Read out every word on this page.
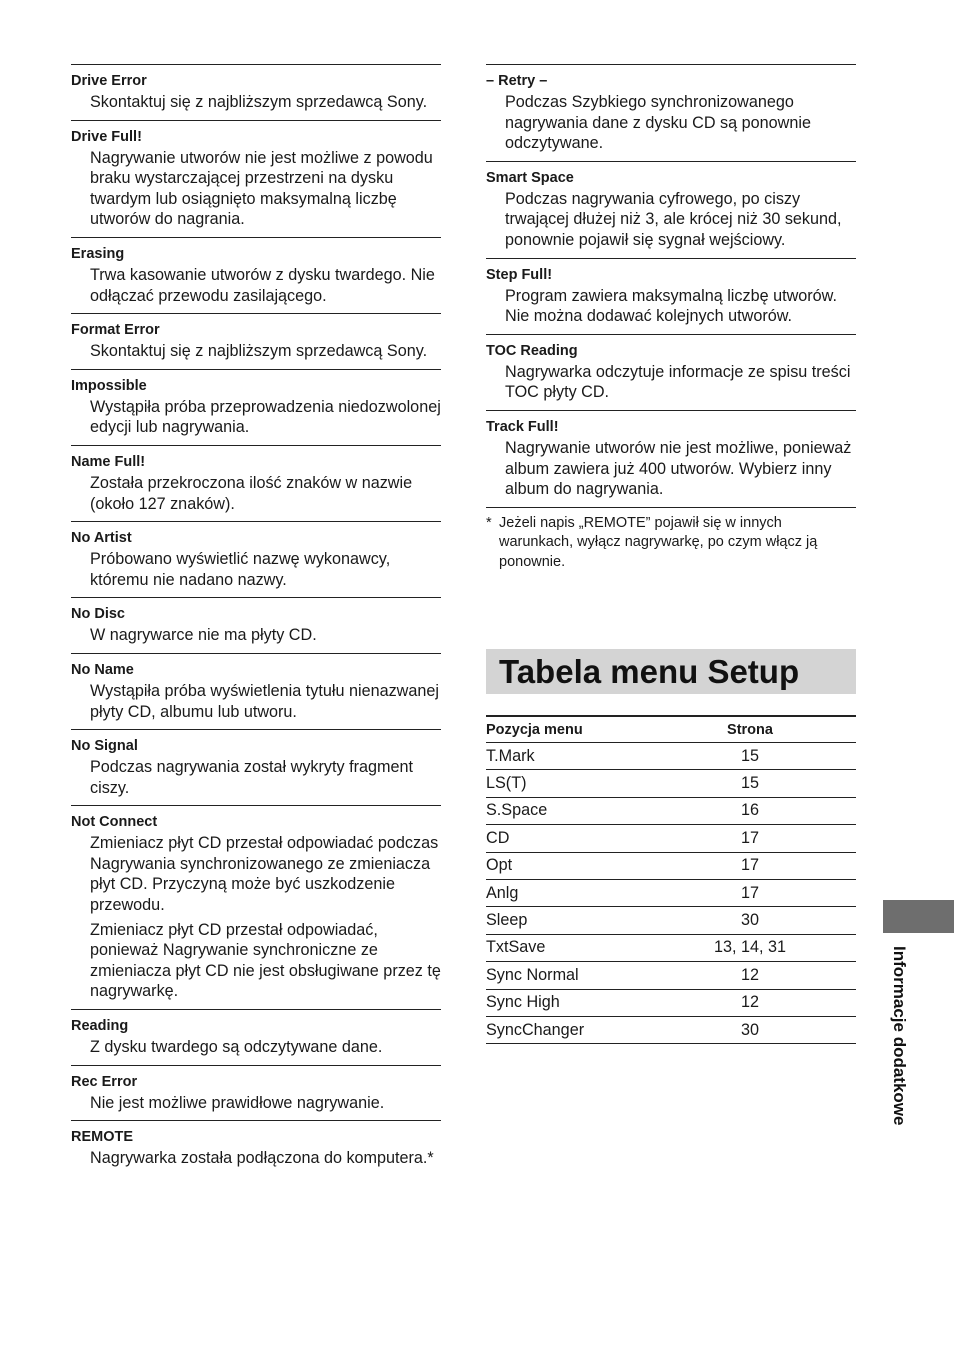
Drive Error
Skontaktuj się z najbliższym sprzedawcą Sony.
Drive Full!
Nagrywanie utworów nie jest możliwe z powodu braku wystarczającej przestrzeni na dysku twardym lub osiągnięto maksymalną liczbę utworów do nagrania.
Erasing
Trwa kasowanie utworów z dysku twardego. Nie odłączać przewodu zasilającego.
Format Error
Skontaktuj się z najbliższym sprzedawcą Sony.
Impossible
Wystąpiła próba przeprowadzenia niedozwolonej edycji lub nagrywania.
Name Full!
Została przekroczona ilość znaków w nazwie (około 127 znaków).
No Artist
Próbowano wyświetlić nazwę wykonawcy, któremu nie nadano nazwy.
No Disc
W nagrywarce nie ma płyty CD.
No Name
Wystąpiła próba wyświetlenia tytułu nienazwanej płyty CD, albumu lub utworu.
No Signal
Podczas nagrywania został wykryty fragment ciszy.
Not Connect
Zmieniacz płyt CD przestał odpowiadać podczas Nagrywania synchronizowanego ze zmieniacza płyt CD. Przyczyną może być uszkodzenie przewodu.
Zmieniacz płyt CD przestał odpowiadać, ponieważ Nagrywanie synchroniczne ze zmieniacza płyt CD nie jest obsługiwane przez tę nagrywarkę.
Reading
Z dysku twardego są odczytywane dane.
Rec Error
Nie jest możliwe prawidłowe nagrywanie.
REMOTE
Nagrywarka została podłączona do komputera.*
– Retry –
Podczas Szybkiego synchronizowanego nagrywania dane z dysku CD są ponownie odczytywane.
Smart Space
Podczas nagrywania cyfrowego, po ciszy trwającej dłużej niż 3, ale krócej niż 30 sekund, ponownie pojawił się sygnał wejściowy.
Step Full!
Program zawiera maksymalną liczbę utworów. Nie można dodawać kolejnych utworów.
TOC Reading
Nagrywarka odczytuje informacje ze spisu treści TOC płyty CD.
Track Full!
Nagrywanie utworów nie jest możliwe, ponieważ album zawiera już 400 utworów. Wybierz inny album do nagrywania.
* Jeżeli napis „REMOTE” pojawił się w innych warunkach, wyłącz nagrywarkę, po czym włącz ją ponownie.
Tabela menu Setup
Pozycja menu	Strona
T.Mark	15
LS(T)	15
S.Space	16
CD	17
Opt	17
Anlg	17
Sleep	30
TxtSave	13, 14, 31
Sync Normal	12
Sync High	12
SyncChanger	30	Informacje dodatkowe
